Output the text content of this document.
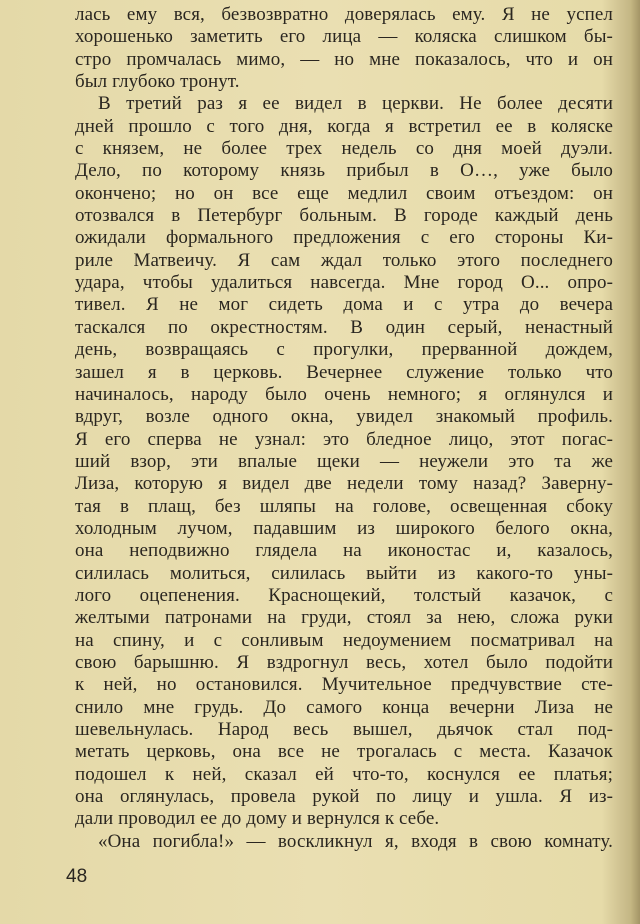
лась ему вся, безвозвратно доверялась ему. Я не успел
хорошенько заметить его лица — коляска слишком бы-
стро промчалась мимо, — но мне показалось, что и он
был глубоко тронут.
В третий раз я ее видел в церкви. Не более десяти
дней прошло с того дня, когда я встретил ее в коляске
с князем, не более трех недель со дня моей дуэли.
Дело, по которому князь прибыл в О…, уже было
окончено; но он все еще медлил своим отъездом: он
отозвался в Петербург больным. В городе каждый день
ожидали формального предложения с его стороны Ки-
риле Матвеичу. Я сам ждал только этого последнего
удара, чтобы удалиться навсегда. Мне город О... опро-
тивел. Я не мог сидеть дома и с утра до вечера
таскался по окрестностям. В один серый, ненастный
день, возвращаясь с прогулки, прерванной дождем,
зашел я в церковь. Вечернее служение только что
начиналось, народу было очень немного; я оглянулся и
вдруг, возле одного окна, увидел знакомый профиль.
Я его сперва не узнал: это бледное лицо, этот погас-
ший взор, эти впалые щеки — неужели это та же
Лиза, которую я видел две недели тому назад? Заверну-
тая в плащ, без шляпы на голове, освещенная сбоку
холодным лучом, падавшим из широкого белого окна,
она неподвижно глядела на иконостас и, казалось,
силилась молиться, силилась выйти из какого-то уны-
лого оцепенения. Краснощекий, толстый казачок, с
желтыми патронами на груди, стоял за нею, сложа руки
на спину, и с сонливым недоумением посматривал на
свою барышню. Я вздрогнул весь, хотел было подойти
к ней, но остановился. Мучительное предчувствие сте-
снило мне грудь. До самого конца вечерни Лиза не
шевельнулась. Народ весь вышел, дьячок стал под-
метать церковь, она все не трогалась с места. Казачок
подошел к ней, сказал ей что-то, коснулся ее платья;
она оглянулась, провела рукой по лицу и ушла. Я из-
дали проводил ее до дому и вернулся к себе.
«Она погибла!» — воскликнул я, входя в свою комнату.
48
